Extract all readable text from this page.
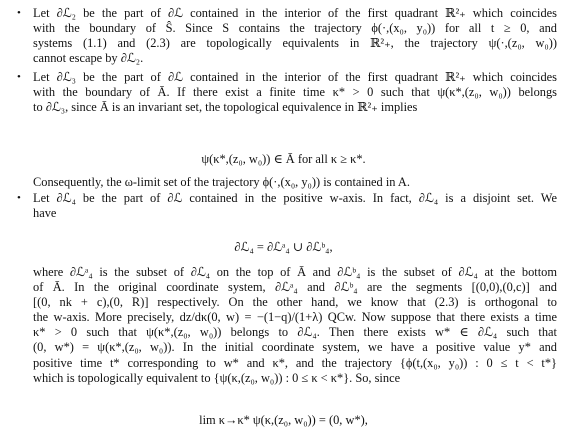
• Let ∂ℒ₂ be the part of ∂ℒ contained in the interior of the first quadrant ℝ²₊ which coincides
with the boundary of Ŝ. Since S contains the trajectory ϕ(·,(x₀, y₀)) for all t ≥ 0, and
systems (1.1) and (2.3) are topologically equivalents in ℝ²₊, the trajectory ψ(·,(z₀, w₀))
cannot escape by ∂ℒ₂.
• Let ∂ℒ₃ be the part of ∂ℒ contained in the interior of the first quadrant ℝ²₊ which coincides
with the boundary of Ā. If there exist a finite time κ* > 0 such that ψ(κ*,(z₀, w₀)) belongs
to ∂ℒ₃, since Ā is an invariant set, the topological equivalence in ℝ²₊ implies
ψ(κ*,(z₀, w₀)) ∈ Ā for all κ ≥ κ*.
Consequently, the ω-limit set of the trajectory ϕ(·,(x₀, y₀)) is contained in A.
• Let ∂ℒ₄ be the part of ∂ℒ contained in the positive w-axis. In fact, ∂ℒ₄ is a disjoint set. We
have
∂ℒ₄ = ∂ℒᵃ₄ ∪ ∂ℒᵇ₄,
where ∂ℒᵃ₄ is the subset of ∂ℒ₄ on the top of Ā and ∂ℒᵇ₄ is the subset of ∂ℒ₄ at the bottom
of Ā. In the original coordinate system, ∂ℒᵃ₄ and ∂ℒᵇ₄ are the segments [(0,0),(0,c)] and
[(0, nk + c),(0, R)] respectively. On the other hand, we know that (2.3) is orthogonal to
the w-axis. More precisely, dz/dκ(0, w) = −(1−q)/(1+λ) QCw. Now suppose that there exists a time
κ* > 0 such that ψ(κ*,(z₀, w₀)) belongs to ∂ℒ₄. Then there exists w* ∈ ∂ℒ₄ such that
(0, w*) = ψ(κ*,(z₀, w₀)). In the initial coordinate system, we have a positive value y* and
positive time t* corresponding to w* and κ*, and the trajectory {ϕ(t,(x₀, y₀)) : 0 ≤ t < t*}
which is topologically equivalent to {ψ(κ,(z₀, w₀)) : 0 ≤ κ < κ*}. So, since
lim κ→κ* ψ(κ,(z₀, w₀)) = (0, w*),
